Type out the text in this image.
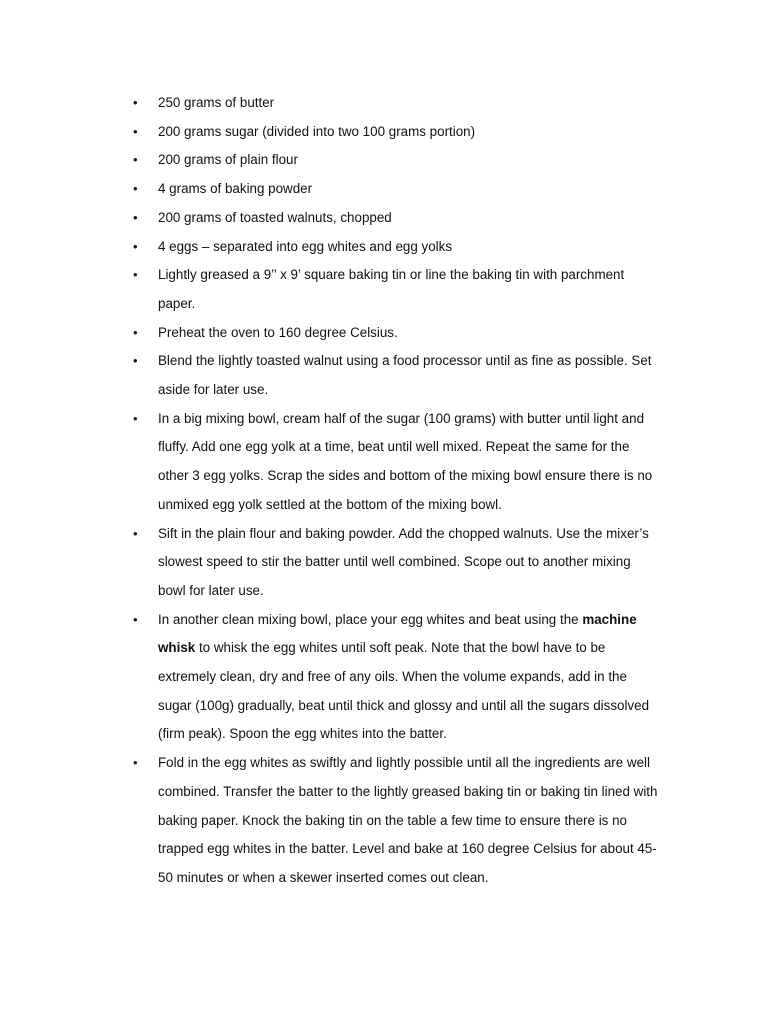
• 250 grams of butter
• 200 grams sugar (divided into two 100 grams portion)
• 200 grams of plain flour
• 4 grams of baking powder
• 200 grams of toasted walnuts, chopped
• 4 eggs – separated into egg whites and egg yolks
• Lightly greased a 9’’ x 9’ square baking tin or line the baking tin with parchment paper.
• Preheat the oven to 160 degree Celsius.
• Blend the lightly toasted walnut using a food processor until as fine as possible. Set aside for later use.
• In a big mixing bowl, cream half of the sugar (100 grams) with butter until light and fluffy. Add one egg yolk at a time, beat until well mixed. Repeat the same for the other 3 egg yolks. Scrap the sides and bottom of the mixing bowl ensure there is no unmixed egg yolk settled at the bottom of the mixing bowl.
• Sift in the plain flour and baking powder. Add the chopped walnuts. Use the mixer’s slowest speed to stir the batter until well combined. Scope out to another mixing bowl for later use.
• In another clean mixing bowl, place your egg whites and beat using the machine whisk to whisk the egg whites until soft peak. Note that the bowl have to be extremely clean, dry and free of any oils. When the volume expands, add in the sugar (100g) gradually, beat until thick and glossy and until all the sugars dissolved (firm peak). Spoon the egg whites into the batter.
• Fold in the egg whites as swiftly and lightly possible until all the ingredients are well combined. Transfer the batter to the lightly greased baking tin or baking tin lined with baking paper. Knock the baking tin on the table a few time to ensure there is no trapped egg whites in the batter. Level and bake at 160 degree Celsius for about 45-50 minutes or when a skewer inserted comes out clean.
